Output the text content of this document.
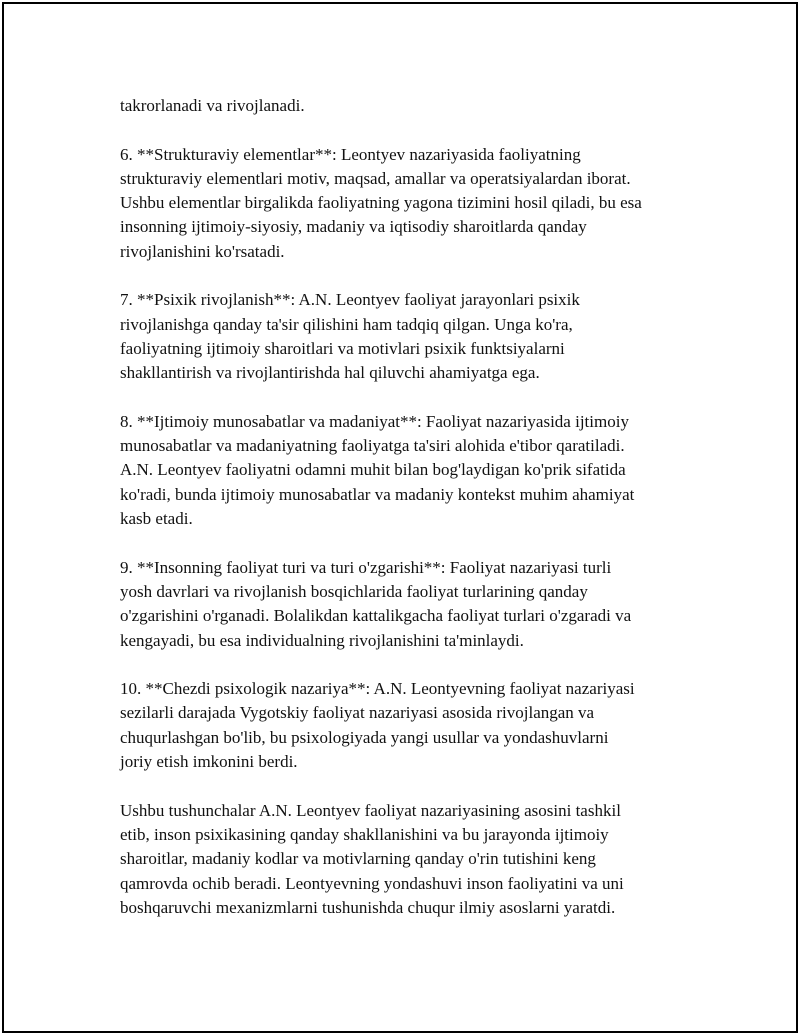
takrorlanadi va rivojlanadi.

6. **Strukturaviy elementlar**: Leontyev nazariyasida faoliyatning
strukturaviy elementlari motiv, maqsad, amallar va operatsiyalardan iborat.
Ushbu elementlar birgalikda faoliyatning yagona tizimini hosil qiladi, bu esa
insonning ijtimoiy-siyosiy, madaniy va iqtisodiy sharoitlarda qanday
rivojlanishini ko'rsatadi.

7. **Psixik rivojlanish**: A.N. Leontyev faoliyat jarayonlari psixik
rivojlanishga qanday ta'sir qilishini ham tadqiq qilgan. Unga ko'ra,
faoliyatning ijtimoiy sharoitlari va motivlari psixik funktsiyalarni
shakllantirish va rivojlantirishda hal qiluvchi ahamiyatga ega.

8. **Ijtimoiy munosabatlar va madaniyat**: Faoliyat nazariyasida ijtimoiy
munosabatlar va madaniyatning faoliyatga ta'siri alohida e'tibor qaratiladi.
A.N. Leontyev faoliyatni odamni muhit bilan bog'laydigan ko'prik sifatida
ko'radi, bunda ijtimoiy munosabatlar va madaniy kontekst muhim ahamiyat
kasb etadi.

9. **Insonning faoliyat turi va turi o'zgarishi**: Faoliyat nazariyasi turli
yosh davrlari va rivojlanish bosqichlarida faoliyat turlarining qanday
o'zgarishini o'rganadi. Bolalikdan kattalikgacha faoliyat turlari o'zgaradi va
kengayadi, bu esa individualning rivojlanishini ta'minlaydi.

10. **Chezdi psixologik nazariya**: A.N. Leontyevning faoliyat nazariyasi
sezilarli darajada Vygotskiy faoliyat nazariyasi asosida rivojlangan va
chuqurlashgan bo'lib, bu psixologiyada yangi usullar va yondashuvlarni
joriy etish imkonini berdi.

Ushbu tushunchalar A.N. Leontyev faoliyat nazariyasining asosini tashkil
etib, inson psixikasining qanday shakllanishini va bu jarayonda ijtimoiy
sharoitlar, madaniy kodlar va motivlarning qanday o'rin tutishini keng
qamrovda ochib beradi. Leontyevning yondashuvi inson faoliyatini va uni
boshqaruvchi mexanizmlarni tushunishda chuqur ilmiy asoslarni yaratdi.
